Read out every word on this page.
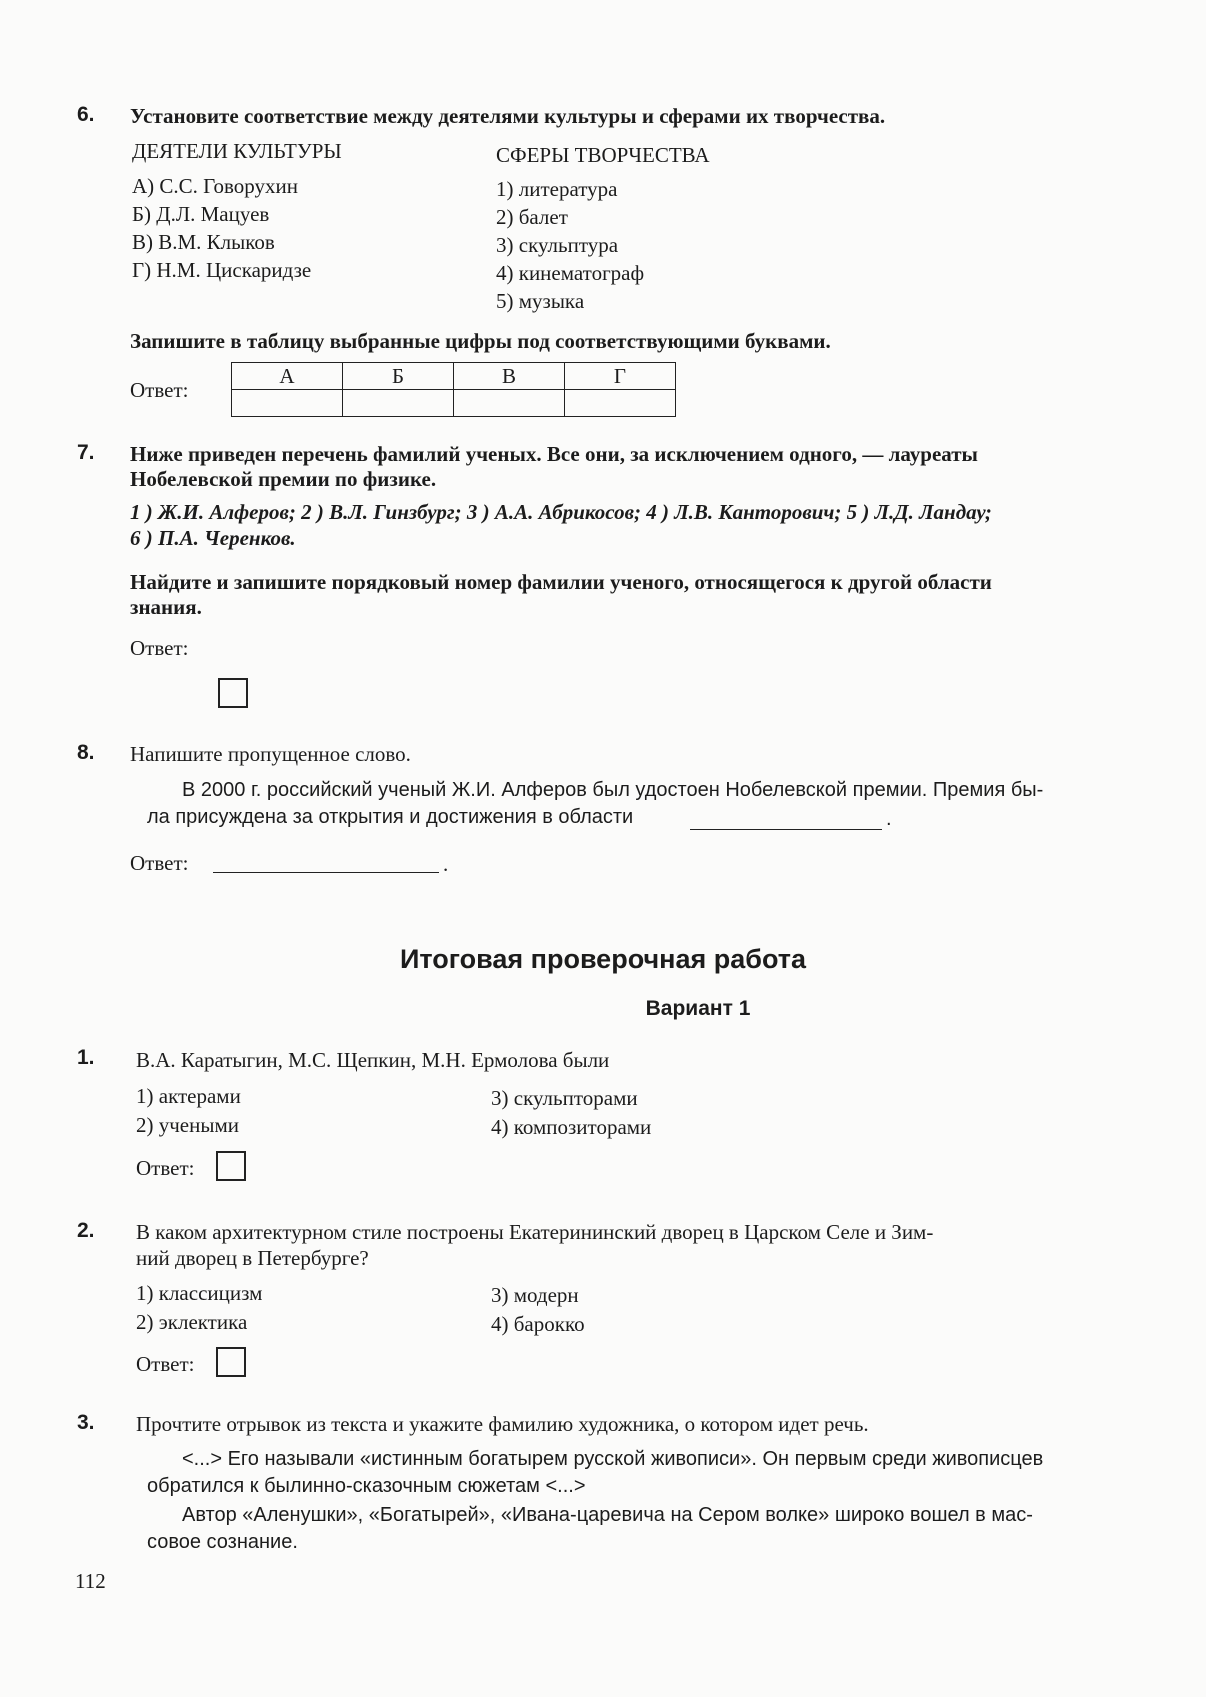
6. Установите соответствие между деятелями культуры и сферами их творчества.
ДЕЯТЕЛИ КУЛЬТУРЫ	СФЕРЫ ТВОРЧЕСТВА
А) С.С. Говорухин
Б) Д.Л. Мацуев
В) В.М. Клыков
Г) Н.М. Цискаридзе
1) литература
2) балет
3) скульптура
4) кинематограф
5) музыка
Запишите в таблицу выбранные цифры под соответствующими буквами.
Ответ:
А	Б	В	Г

7. Ниже приведен перечень фамилий ученых. Все они, за исключением одного, — лауреаты
Нобелевской премии по физике.
1 ) Ж.И. Алферов; 2 ) В.Л. Гинзбург; 3 ) А.А. Абрикосов; 4 ) Л.В. Канторович; 5 ) Л.Д. Ландау;
6 ) П.А. Черенков.
Найдите и запишите порядковый номер фамилии ученого, относящегося к другой области
знания.
Ответ:
8. Напишите пропущенное слово.
В 2000 г. российский ученый Ж.И. Алферов был удостоен Нобелевской премии. Премия бы-
ла присуждена за открытия и достижения в области	.
Ответ:	.
Итоговая проверочная работа
Вариант 1
1. В.А. Каратыгин, М.С. Щепкин, М.Н. Ермолова были
1) актерами
2) учеными
3) скульпторами
4) композиторами
Ответ:
2. В каком архитектурном стиле построены Екатерининский дворец в Царском Селе и Зим-
ний дворец в Петербурге?
1) классицизм
2) эклектика
3) модерн
4) барокко
Ответ:
3. Прочтите отрывок из текста и укажите фамилию художника, о котором идет речь.
<...> Его называли «истинным богатырем русской живописи». Он первым среди живописцев
обратился к былинно-сказочным сюжетам <...>
Автор «Аленушки», «Богатырей», «Ивана-царевича на Сером волке» широко вошел в мас-
совое сознание.
112
